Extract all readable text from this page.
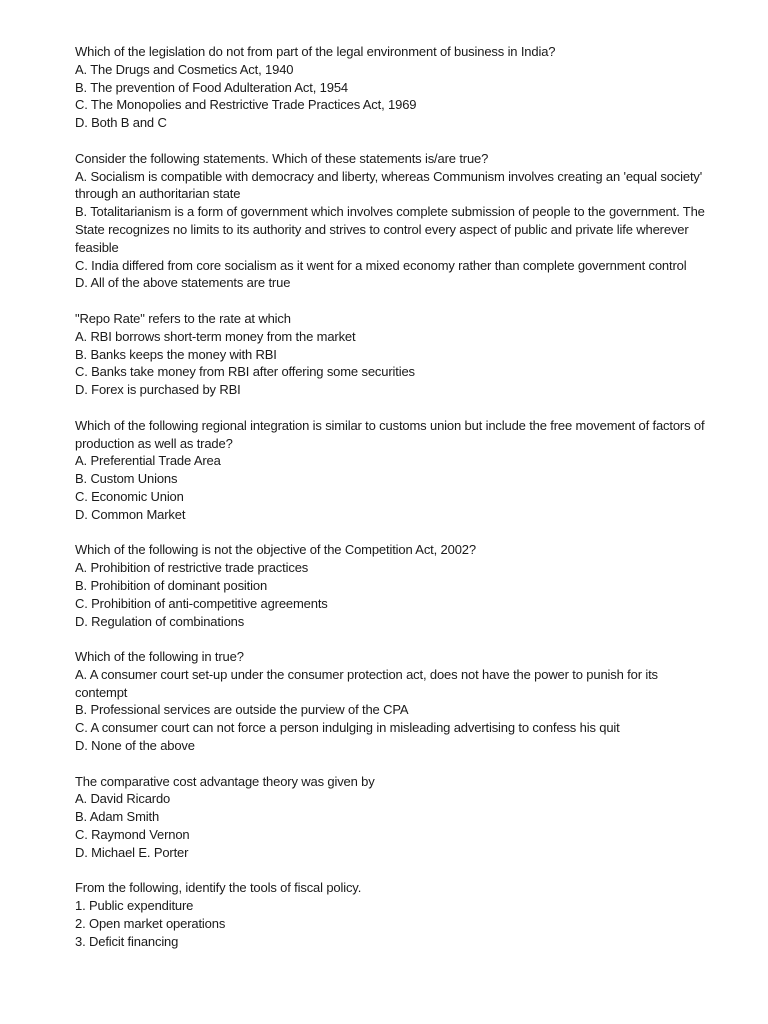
Which of the legislation do not from part of the legal environment of business in India?
A. The Drugs and Cosmetics Act, 1940
B. The prevention of Food Adulteration Act, 1954
C. The Monopolies and Restrictive Trade Practices Act, 1969
D. Both B and C
Consider the following statements. Which of these statements is/are true?
A. Socialism is compatible with democracy and liberty, whereas Communism involves creating an 'equal society' through an authoritarian state
B. Totalitarianism is a form of government which involves complete submission of people to the government. The State recognizes no limits to its authority and strives to control every aspect of public and private life wherever feasible
C. India differed from core socialism as it went for a mixed economy rather than complete government control
D. All of the above statements are true
"Repo Rate" refers to the rate at which
A. RBI borrows short-term money from the market
B. Banks keeps the money with RBI
C. Banks take money from RBI after offering some securities
D. Forex is purchased by RBI
Which of the following regional integration is similar to customs union but include the free movement of factors of production as well as trade?
A. Preferential Trade Area
B. Custom Unions
C. Economic Union
D. Common Market
Which of the following is not the objective of the Competition Act, 2002?
A. Prohibition of restrictive trade practices
B. Prohibition of dominant position
C. Prohibition of anti-competitive agreements
D. Regulation of combinations
Which of the following in true?
A. A consumer court set-up under the consumer protection act, does not have the power to punish for its contempt
B. Professional services are outside the purview of the CPA
C. A consumer court can not force a person indulging in misleading advertising to confess his quit
D. None of the above
The comparative cost advantage theory was given by
A. David Ricardo
B. Adam Smith
C. Raymond Vernon
D. Michael E. Porter
From the following, identify the tools of fiscal policy.
1. Public expenditure
2. Open market operations
3. Deficit financing
